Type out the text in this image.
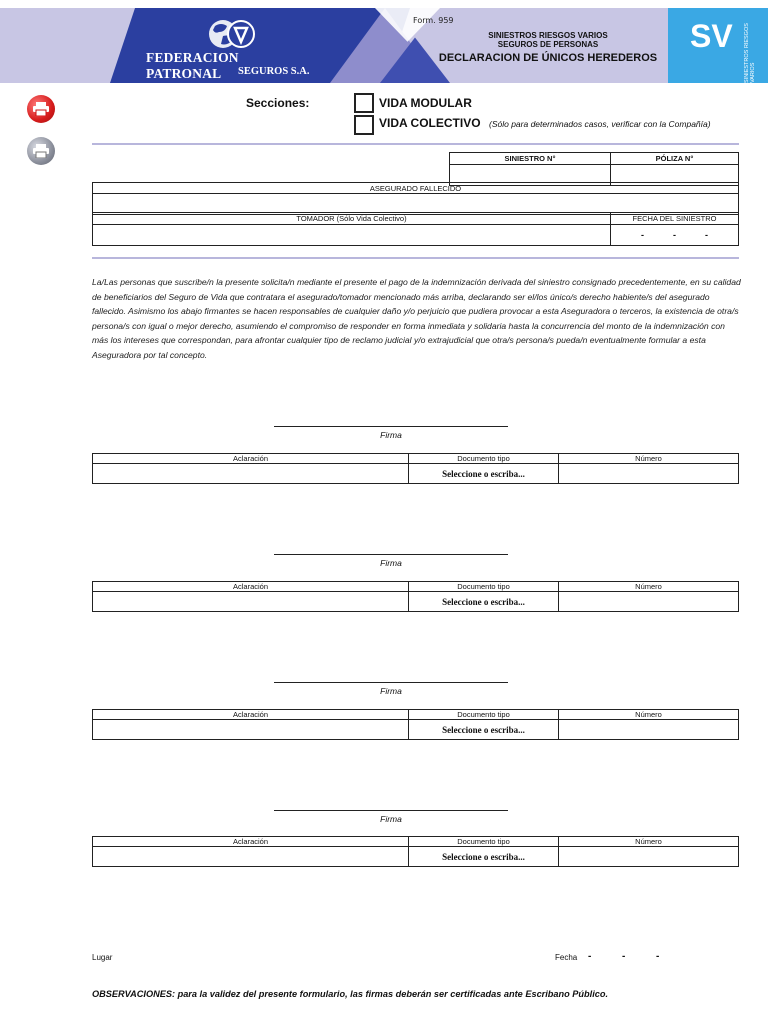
FEDERACION PATRONAL	SEGUROS S.A.
Form. 959
SINIESTROS RIESGOS VARIOS
SEGUROS DE PERSONAS
DECLARACION DE ÚNICOS HEREDEROS
SV SINIESTROS RIESGOS VARIOS
Secciones:	VIDA MODULAR
VIDA COLECTIVO (Sólo para determinados casos, verificar con la Compañía)
SINIESTRO N°	PÓLIZA N°

ASEGURADO FALLECIDO

TOMADOR (Sólo Vida Colectivo)	FECHA DEL SINIESTRO
	- - -
La/Las personas que suscribe/n la presente solicita/n mediante el presente el pago de la indemnización derivada del siniestro consignado precedentemente, en su calidad de beneficiarios del Seguro de Vida que contratara el asegurado/tomador mencionado más arriba, declarando ser el/los único/s derecho habiente/s del asegurado fallecido. Asimismo los abajo firmantes se hacen responsables de cualquier daño y/o perjuicio que pudiera provocar a esta Aseguradora o terceros, la existencia de otra/s persona/s con igual o mejor derecho, asumiendo el compromiso de responder en forma inmediata y solidaria hasta la concurrencia del monto de la indemnización con más los intereses que correspondan, para afrontar cualquier tipo de reclamo judicial y/o extrajudicial que otra/s persona/s pueda/n eventualmente formular a esta Aseguradora por tal concepto.
Firma
Aclaración	Documento tipo	Número
	Seleccione o escriba...	
Firma
Aclaración	Documento tipo	Número
	Seleccione o escriba...	
Firma
Aclaración	Documento tipo	Número
	Seleccione o escriba...	
Firma
Aclaración	Documento tipo	Número
	Seleccione o escriba...	
Lugar	Fecha -	-	-
OBSERVACIONES: para la validez del presente formulario, las firmas deberán ser certificadas ante Escribano Público.
